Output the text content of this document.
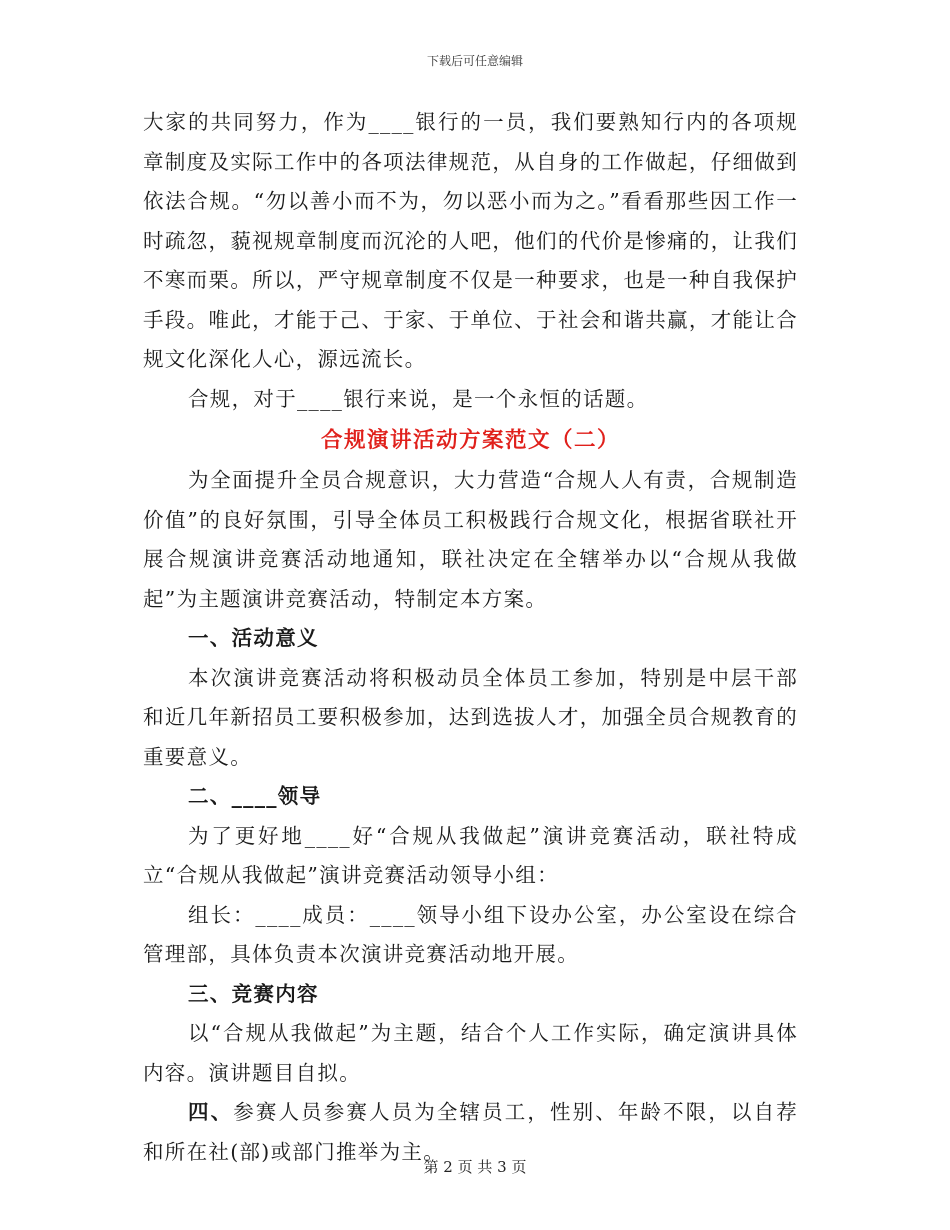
下载后可任意编辑

大家的共同努力，作为____银行的一员，我们要熟知行内的各项规章制度及实际工作中的各项法律规范，从自身的工作做起，仔细做到依法合规。“勿以善小而不为，勿以恶小而为之。”看看那些因工作一时疏忽，藐视规章制度而沉沦的人吧，他们的代价是惨痛的，让我们不寒而栗。所以，严守规章制度不仅是一种要求，也是一种自我保护手段。唯此，才能于己、于家、于单位、于社会和谐共赢，才能让合规文化深化人心，源远流长。

合规，对于____银行来说，是一个永恒的话题。

合规演讲活动方案范文（二）

为全面提升全员合规意识，大力营造“合规人人有责，合规制造价值”的良好氛围，引导全体员工积极践行合规文化，根据省联社开展合规演讲竞赛活动地通知，联社决定在全辖举办以“合规从我做起”为主题演讲竞赛活动，特制定本方案。

一、活动意义

本次演讲竞赛活动将积极动员全体员工参加，特别是中层干部和近几年新招员工要积极参加，达到选拔人才，加强全员合规教育的重要意义。

二、____领导

为了更好地____好“合规从我做起”演讲竞赛活动，联社特成立“合规从我做起”演讲竞赛活动领导小组：

组长：____成员：____领导小组下设办公室，办公室设在综合管理部，具体负责本次演讲竞赛活动地开展。

三、竞赛内容

以“合规从我做起”为主题，结合个人工作实际，确定演讲具体内容。演讲题目自拟。

四、参赛人员参赛人员为全辖员工，性别、年龄不限，以自荐和所在社(部)或部门推举为主。

第 2 页 共 3 页
